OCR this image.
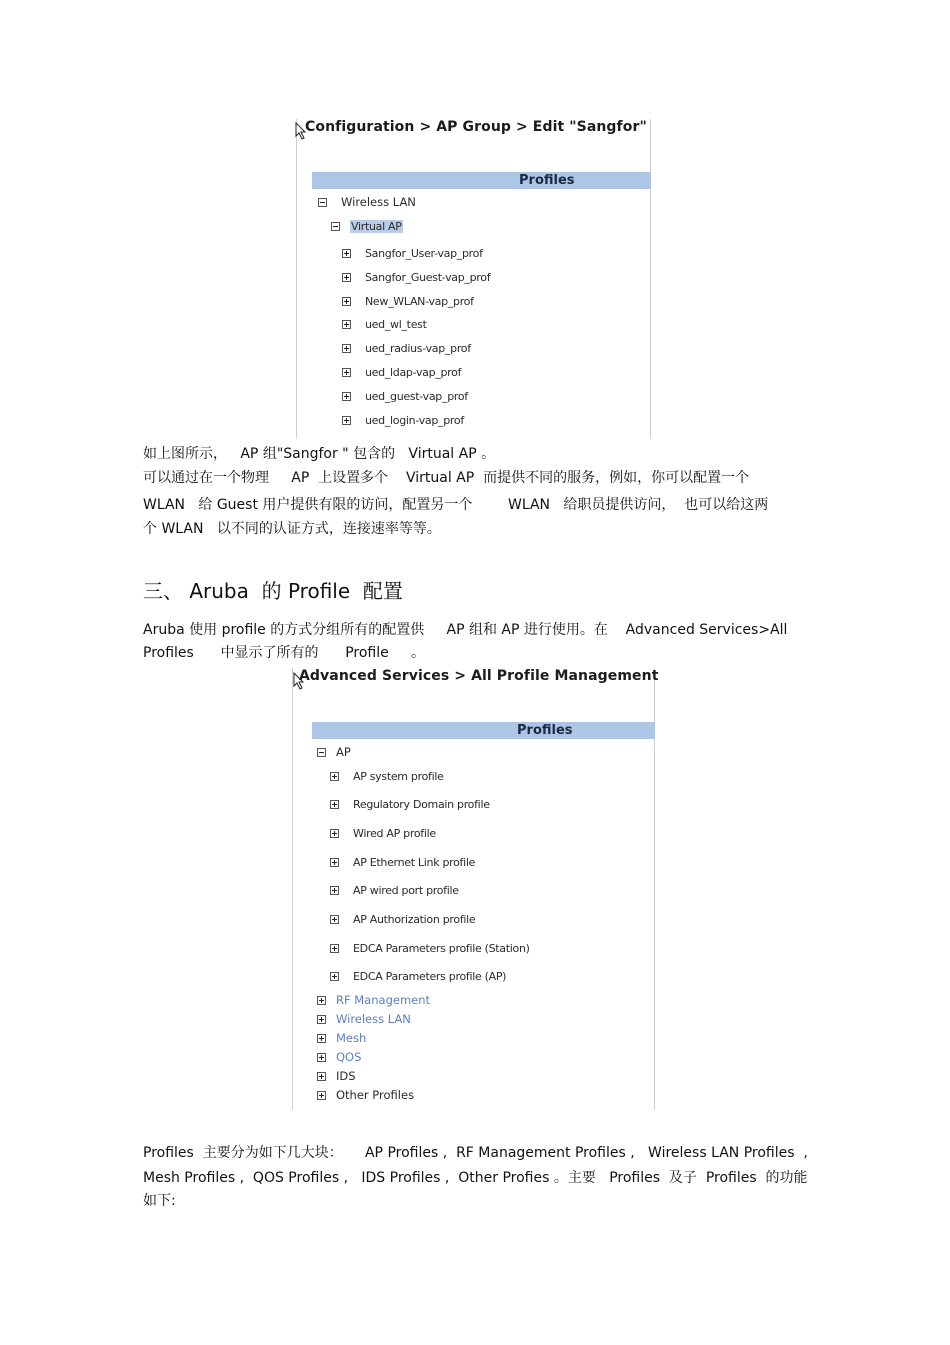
Configuration > AP Group > Edit "Sangfor"
Profiles
Wireless LAN
Virtual AP
Sangfor_User-vap_prof
Sangfor_Guest-vap_prof
New_WLAN-vap_prof
ued_wl_test
ued_radius-vap_prof
ued_ldap-vap_prof
ued_guest-vap_prof
ued_login-vap_prof
如上图所示，   AP 组"Sangfor " 包含的   Virtual AP 。
可以通过在一个物理     AP  上设置多个    Virtual AP  而提供不同的服务，例如，你可以配置一个
WLAN   给 Guest 用户提供有限的访问，配置另一个        WLAN   给职员提供访问，  也可以给这两
个 WLAN   以不同的认证方式，连接速率等等。
三、 Aruba  的 Profile  配置
Aruba 使用 profile 的方式分组所有的配置供     AP 组和 AP 进行使用。在    Advanced Services>All
Profiles      中显示了所有的      Profile     。
Advanced Services > All Profile Management
Profiles
AP
AP system profile
Regulatory Domain profile
Wired AP profile
AP Ethernet Link profile
AP wired port profile
AP Authorization profile
EDCA Parameters profile (Station)
EDCA Parameters profile (AP)
RF Management
Wireless LAN
Mesh
QOS
IDS
Other Profiles
Profiles  主要分为如下几大块：     AP Profiles ,  RF Management Profiles ,   Wireless LAN Profiles  ,
Mesh Profiles ,  QOS Profiles ,   IDS Profiles ,  Other Profies 。主要   Profiles  及子  Profiles  的功能
如下:
